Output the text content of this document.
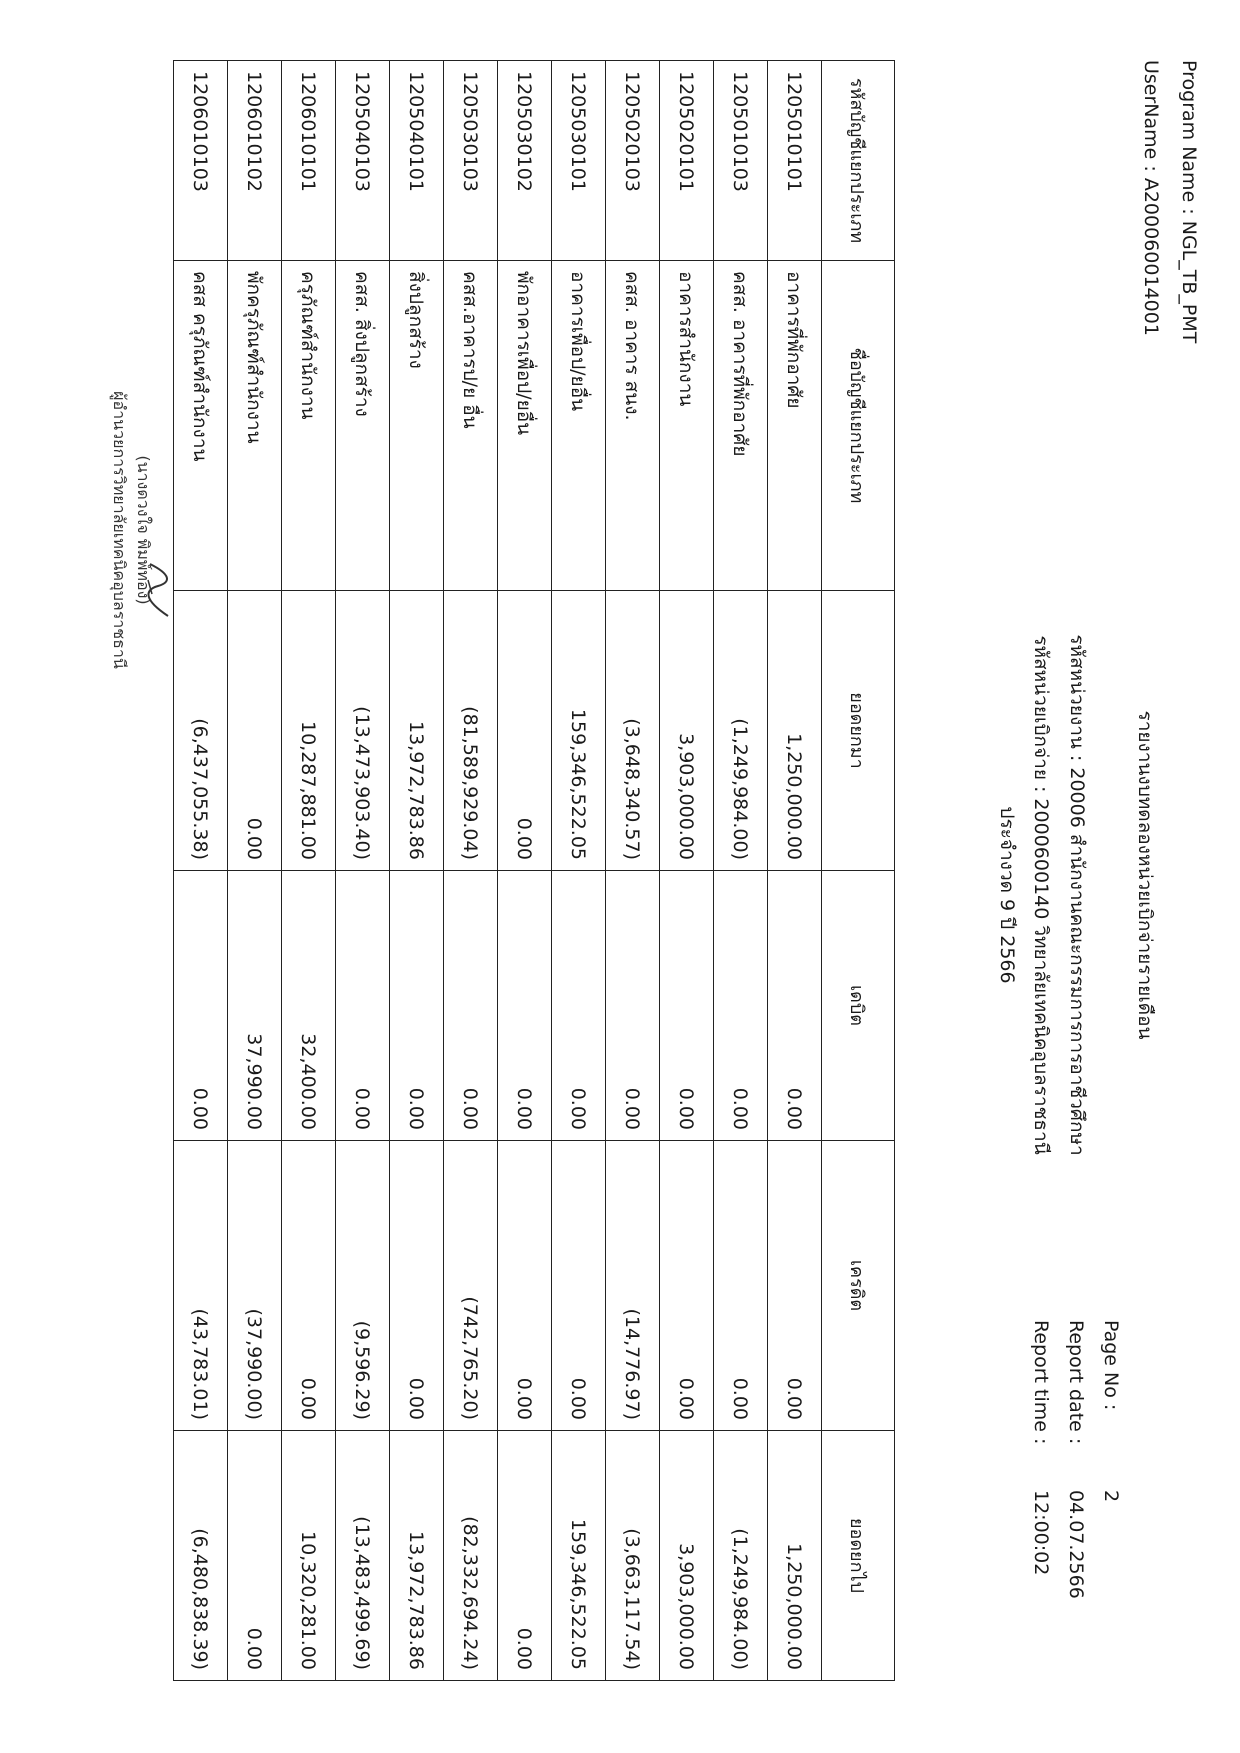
Program Name : NGL_TB_PMT
UserName : A200060014001
รายงานงบทดลองหน่วยเบิกจ่ายรายเดือน
รหัสหน่วยงาน : 20006 สำนักงานคณะกรรมการการอาชีวศึกษา
รหัสหน่วยเบิกจ่าย : 2000600140 วิทยาลัยเทคนิคอุบลราชธานี
ประจำงวด 9 ปี 2566
Page No :
2
Report date :
04.07.2566
Report time :
12:00:02
รหัสบัญชีแยกประเภท	ชื่อบัญชีแยกประเภท	ยอดยกมา	เดบิต	เครดิต	ยอดยกไป
1205010101	อาคารที่พักอาศัย	1,250,000.00	0.00	0.00	1,250,000.00
1205010103	คสส. อาคารที่พักอาศัย	(1,249,984.00)	0.00	0.00	(1,249,984.00)
1205020101	อาคารสำนักงาน	3,903,000.00	0.00	0.00	3,903,000.00
1205020103	คสส. อาคาร สนง.	(3,648,340.57)	0.00	(14,776.97)	(3,663,117.54)
1205030101	อาคารเพื่อป/ยอื่น	159,346,522.05	0.00	0.00	159,346,522.05
1205030102	พักอาคารเพื่อป/ยอื่น	0.00	0.00	0.00	0.00
1205030103	คสส.อาคารป/ย อื่น	(81,589,929.04)	0.00	(742,765.20)	(82,332,694.24)
1205040101	สิ่งปลูกสร้าง	13,972,783.86	0.00	0.00	13,972,783.86
1205040103	คสส. สิ่งปลูกสร้าง	(13,473,903.40)	0.00	(9,596.29)	(13,483,499.69)
1206010101	ครุภัณฑ์สำนักงาน	10,287,881.00	32,400.00	0.00	10,320,281.00
1206010102	พักครุภัณฑ์สำนักงาน	0.00	37,990.00	(37,990.00)	0.00
1206010103	คสส ครุภัณฑ์สำนักงาน	(6,437,055.38)	0.00	(43,783.01)	(6,480,838.39)
(นางดวงใจ พิมพ์ทอง)
ผู้อำนวยการวิทยาลัยเทคนิคอุบลราชธานี
